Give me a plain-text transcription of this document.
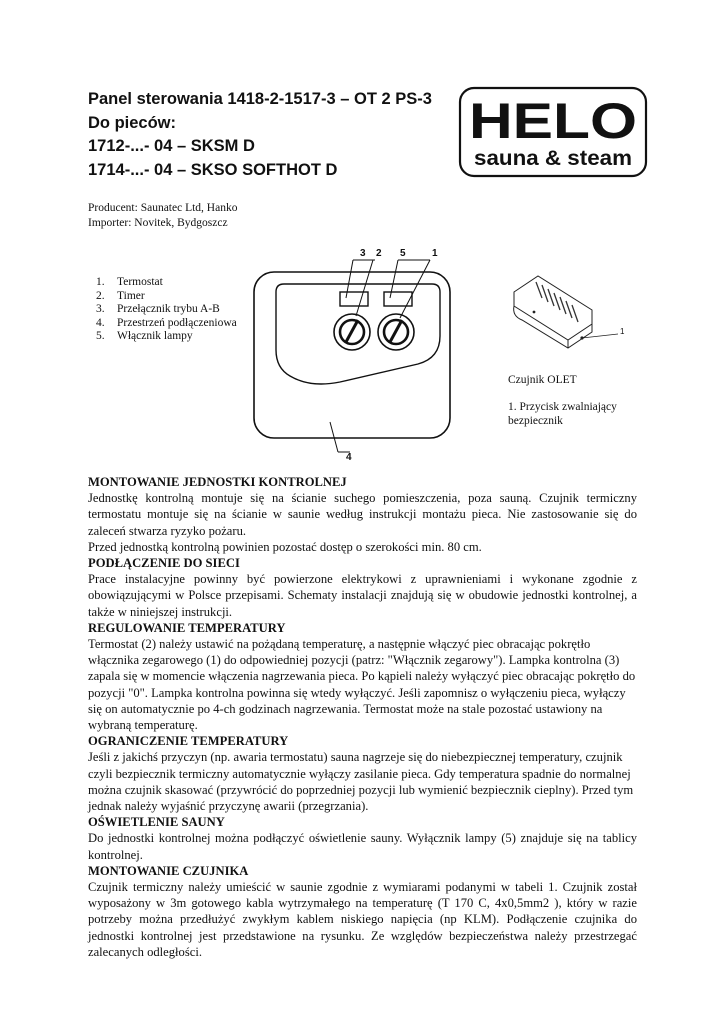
Panel sterowania 1418-2-1517-3 – OT 2 PS-3
Do pieców:
1712-...- 04 – SKSM D
1714-...- 04 – SKSO SOFTHOT D
HELO
sauna & steam
Producent: Saunatec Ltd, Hanko
Importer: Novitek, Bydgoszcz
1. Termostat
2. Timer
3. Przełącznik trybu A-B
4. Przestrzeń podłączeniowa
5. Włącznik lampy
3 2 5	1
4
1

Czujnik OLET

1. Przycisk zwalniający bezpiecznik

MONTOWANIE JEDNOSTKI KONTROLNEJ

Jednostkę kontrolną montuje się na ścianie suchego pomieszczenia, poza sauną. Czujnik termiczny termostatu montuje się na ścianie w saunie według instrukcji montażu pieca. Nie zastosowanie się do zaleceń stwarza ryzyko pożaru.

Przed jednostką kontrolną powinien pozostać dostęp o szerokości min. 80 cm.

PODŁĄCZENIE DO SIECI

Prace instalacyjne powinny być powierzone elektrykowi z uprawnieniami i wykonane zgodnie z obowiązującymi w Polsce przepisami. Schematy instalacji znajdują się w obudowie jednostki kontrolnej, a także w niniejszej instrukcji.

REGULOWANIE TEMPERATURY

Termostat (2) należy ustawić na pożądaną temperaturę, a następnie włączyć piec obracając pokrętło włącznika zegarowego (1) do odpowiedniej pozycji (patrz: "Włącznik zegarowy"). Lampka kontrolna (3) zapala się w momencie włączenia nagrzewania pieca. Po kąpieli należy wyłączyć piec obracając pokrętło do pozycji "0". Lampka kontrolna powinna się wtedy wyłączyć. Jeśli zapomnisz o wyłączeniu pieca, wyłączy się on automatycznie po 4-ch godzinach nagrzewania. Termostat może na stale pozostać ustawiony na wybraną temperaturę.

OGRANICZENIE TEMPERATURY

Jeśli z jakichś przyczyn (np. awaria termostatu) sauna nagrzeje się do niebezpiecznej temperatury, czujnik czyli bezpiecznik termiczny automatycznie wyłączy zasilanie pieca. Gdy temperatura spadnie do normalnej można czujnik skasować (przywrócić do poprzedniej pozycji lub wymienić bezpiecznik cieplny). Przed tym jednak należy wyjaśnić przyczynę awarii (przegrzania).

OŚWIETLENIE SAUNY

Do jednostki kontrolnej można podłączyć oświetlenie sauny. Wyłącznik lampy (5) znajduje się na tablicy kontrolnej.

MONTOWANIE CZUJNIKA

Czujnik termiczny należy umieścić w saunie zgodnie z wymiarami podanymi w tabeli 1. Czujnik został wyposażony w 3m gotowego kabla wytrzymałego na temperaturę (T 170 C, 4x0,5mm2 ), który w razie potrzeby można przedłużyć zwykłym kablem niskiego napięcia (np KLM). Podłączenie czujnika do jednostki kontrolnej jest przedstawione na rysunku. Ze względów bezpieczeństwa należy przestrzegać zalecanych odległości.
